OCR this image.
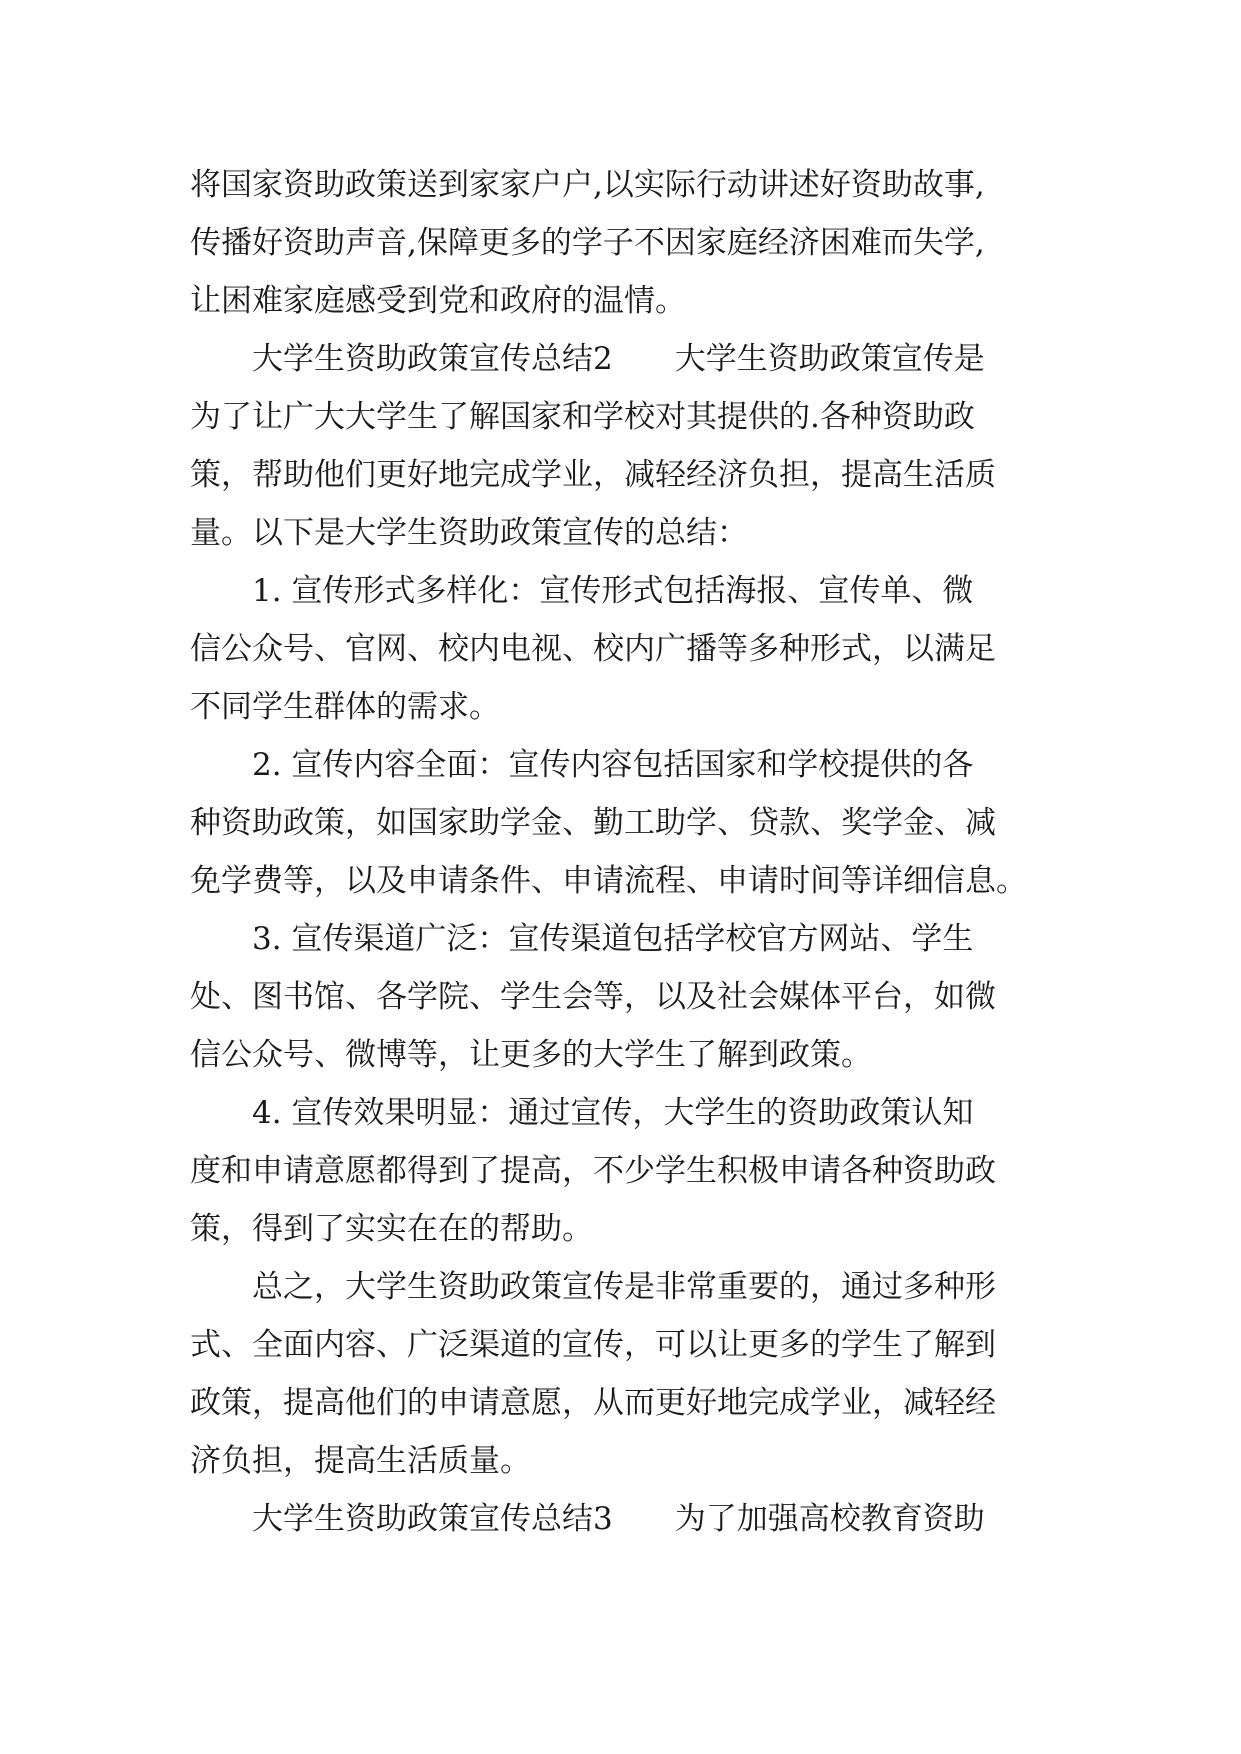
将国家资助政策送到家家户户,以实际行动讲述好资助故事,
传播好资助声音,保障更多的学子不因家庭经济困难而失学,
让困难家庭感受到党和政府的温情。
　　大学生资助政策宣传总结2　　大学生资助政策宣传是
为了让广大大学生了解国家和学校对其提供的.各种资助政
策，帮助他们更好地完成学业，减轻经济负担，提高生活质
量。以下是大学生资助政策宣传的总结：
　　1. 宣传形式多样化：宣传形式包括海报、宣传单、微
信公众号、官网、校内电视、校内广播等多种形式，以满足
不同学生群体的需求。
　　2. 宣传内容全面：宣传内容包括国家和学校提供的各
种资助政策，如国家助学金、勤工助学、贷款、奖学金、减
免学费等，以及申请条件、申请流程、申请时间等详细信息。
　　3. 宣传渠道广泛：宣传渠道包括学校官方网站、学生
处、图书馆、各学院、学生会等，以及社会媒体平台，如微
信公众号、微博等，让更多的大学生了解到政策。
　　4. 宣传效果明显：通过宣传，大学生的资助政策认知
度和申请意愿都得到了提高，不少学生积极申请各种资助政
策，得到了实实在在的帮助。
　　总之，大学生资助政策宣传是非常重要的，通过多种形
式、全面内容、广泛渠道的宣传，可以让更多的学生了解到
政策，提高他们的申请意愿，从而更好地完成学业，减轻经
济负担，提高生活质量。
　　大学生资助政策宣传总结3　　为了加强高校教育资助
